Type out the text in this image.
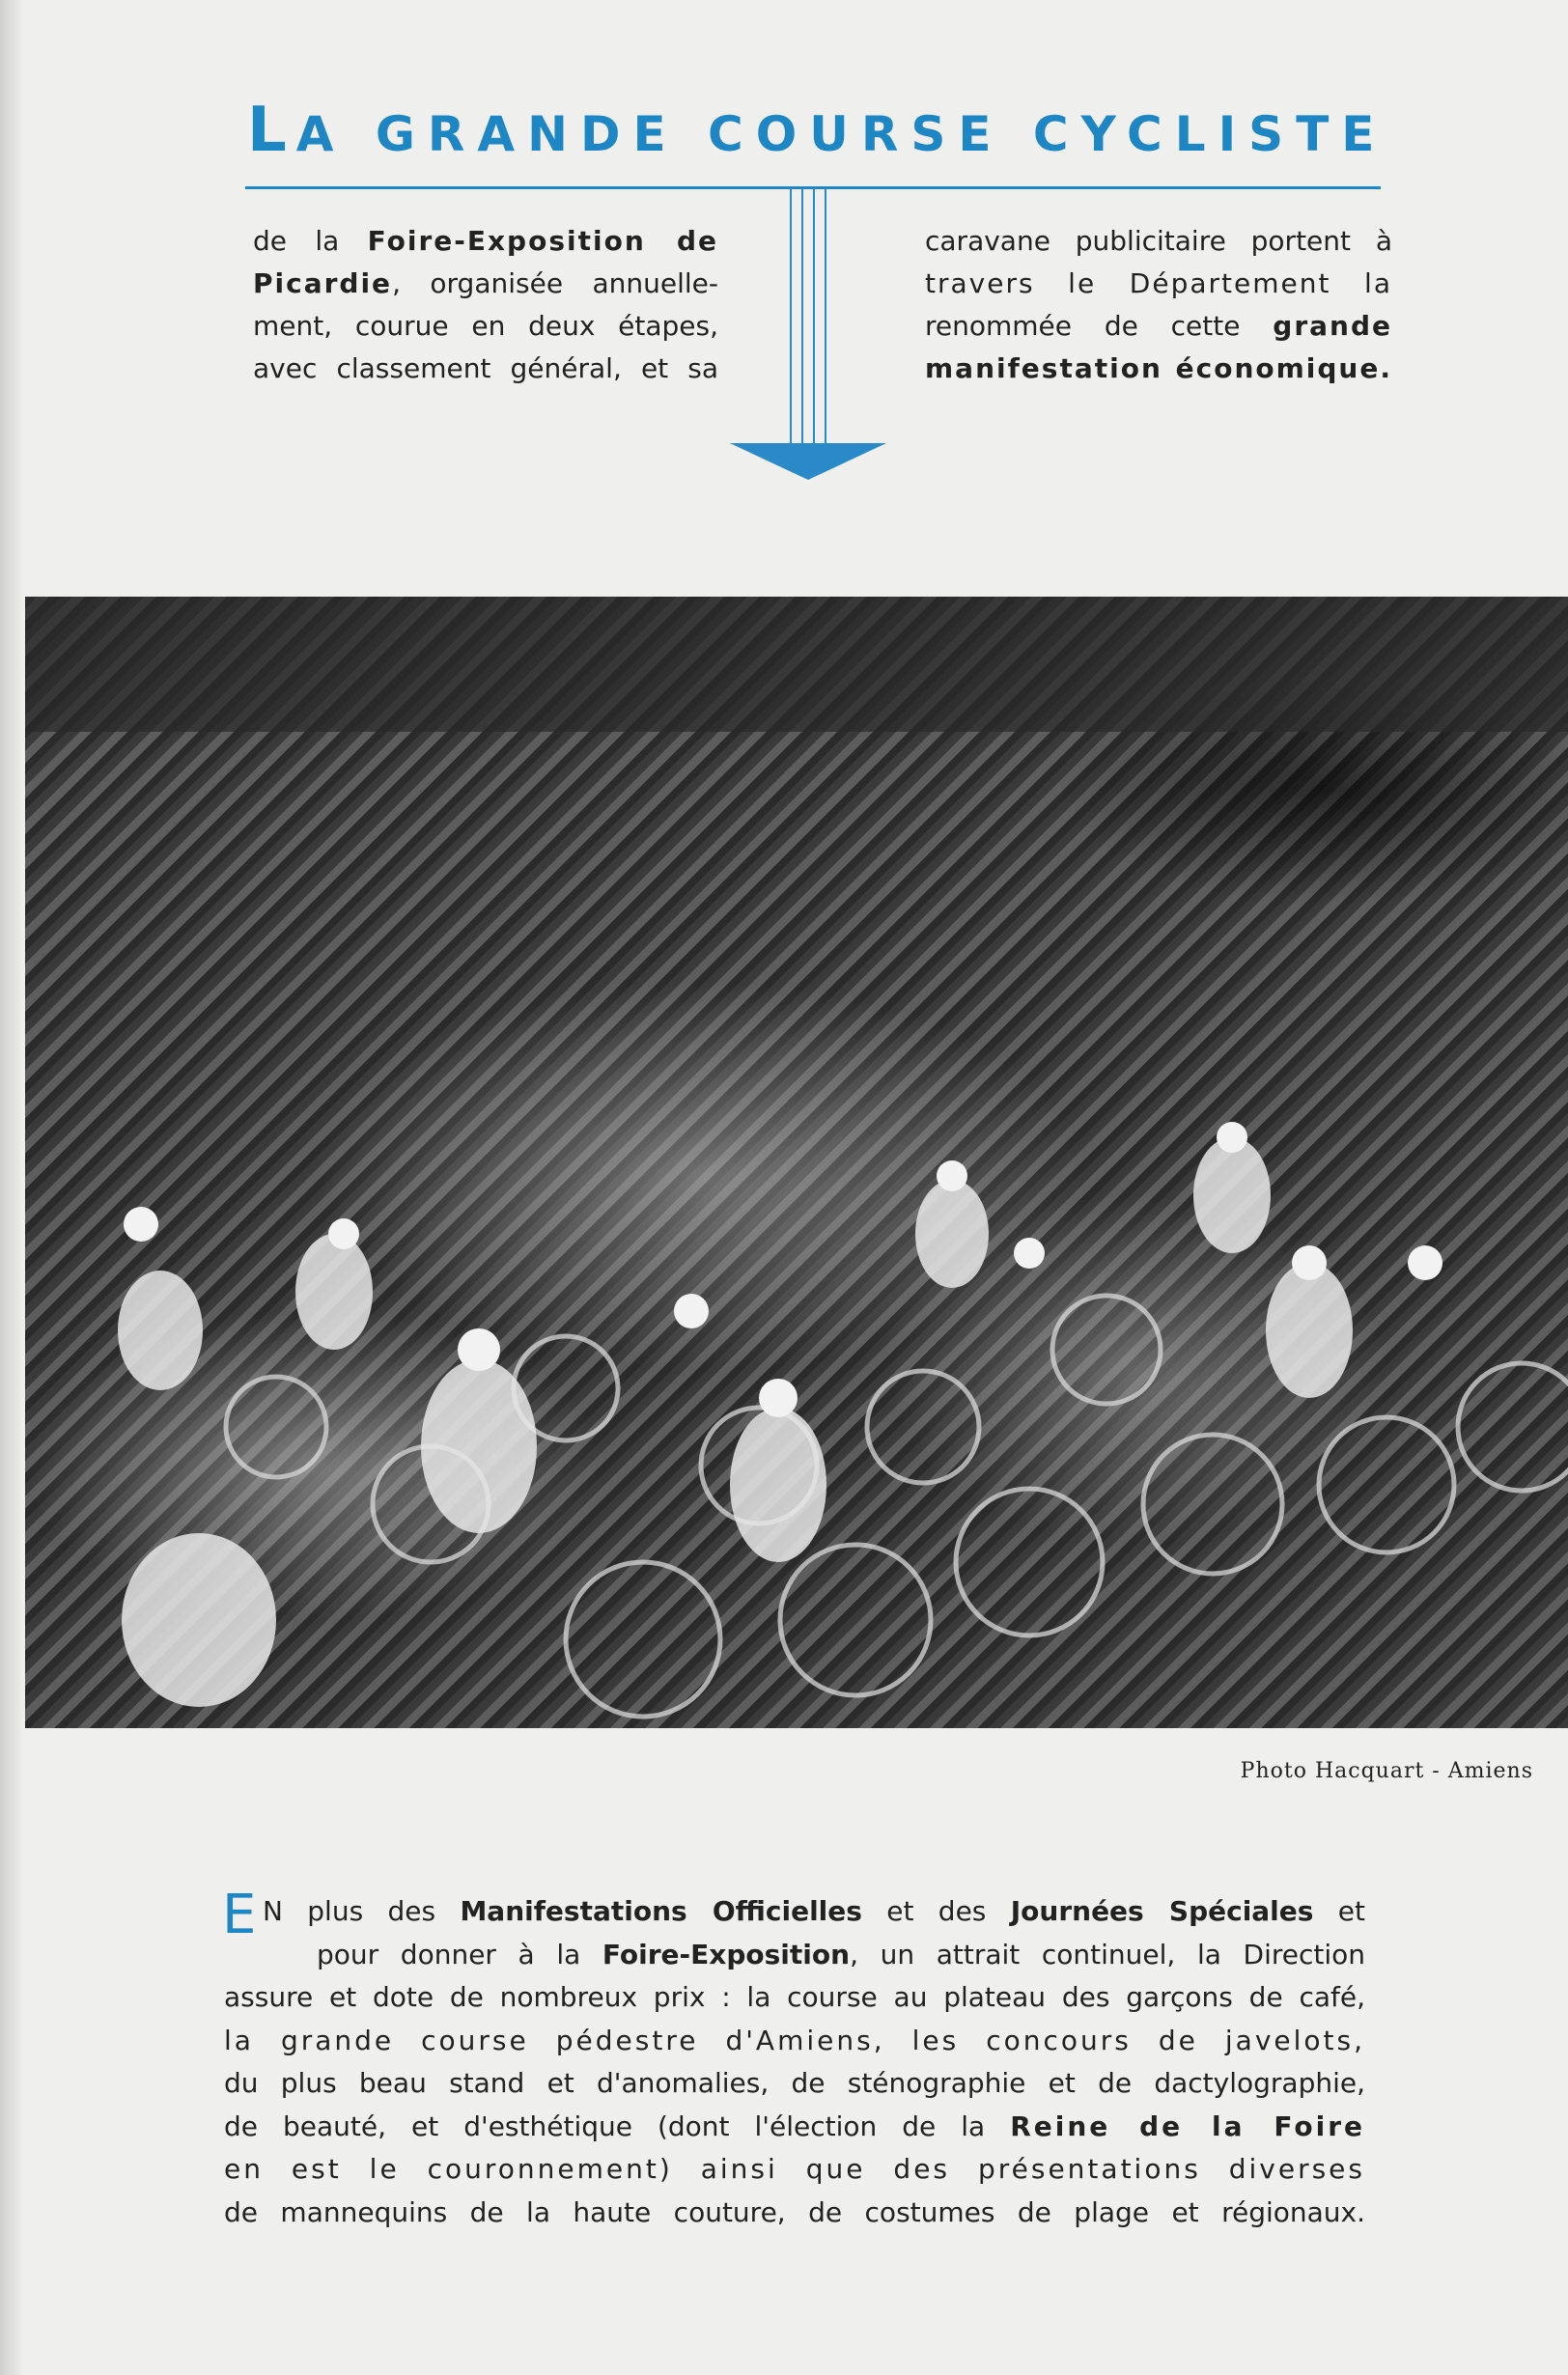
LA GRANDE COURSE CYCLISTE
de la Foire-Exposition de
Picardie, organisée annuelle-
ment, courue en deux étapes,
avec classement général, et sa
caravane publicitaire portent à
travers le Département la
renommée de cette grande
manifestation économique.
Photo Hacquart - Amiens
E N plus des Manifestations Officielles et des Journées Spéciales et
pour donner à la Foire-Exposition, un attrait continuel, la Direction
assure et dote de nombreux prix : la course au plateau des garçons de café,
la grande course pédestre d'Amiens, les concours de javelots,
du plus beau stand et d'anomalies, de sténographie et de dactylographie,
de beauté, et d'esthétique (dont l'élection de la Reine de la Foire
en est le couronnement) ainsi que des présentations diverses
de mannequins de la haute couture, de costumes de plage et régionaux.
